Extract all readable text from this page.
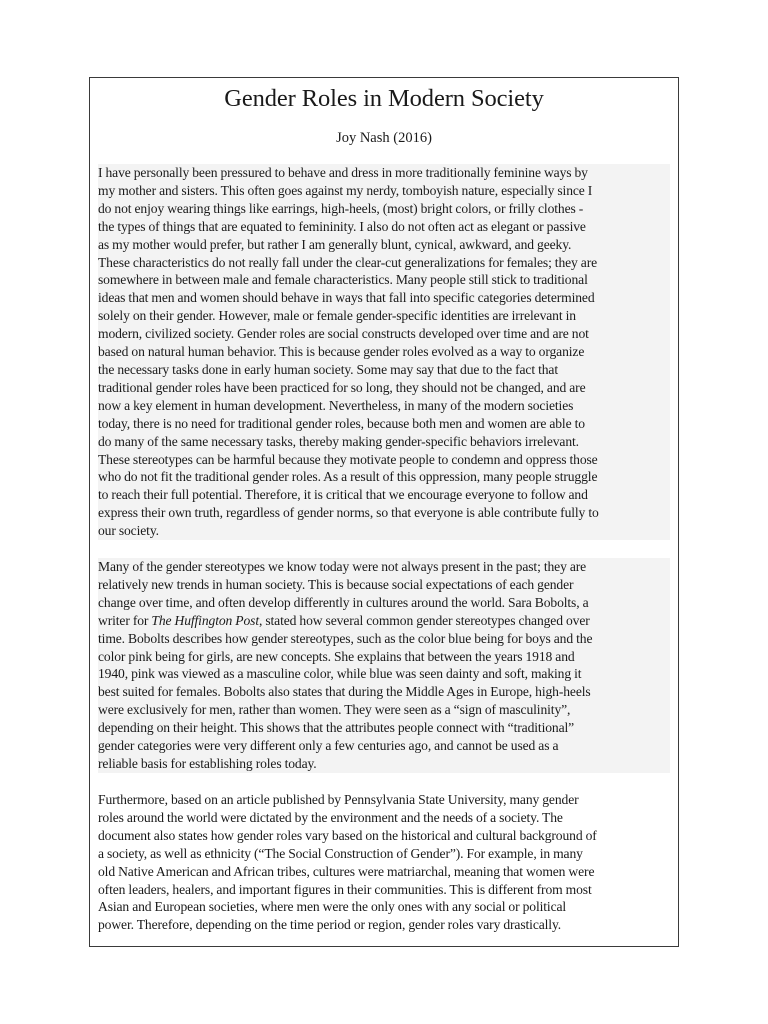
Gender Roles in Modern Society
Joy Nash (2016)

I have personally been pressured to behave and dress in more traditionally feminine ways by
my mother and sisters. This often goes against my nerdy, tomboyish nature, especially since I
do not enjoy wearing things like earrings, high-heels, (most) bright colors, or frilly clothes -
the types of things that are equated to femininity. I also do not often act as elegant or passive
as my mother would prefer, but rather I am generally blunt, cynical, awkward, and geeky.
These characteristics do not really fall under the clear-cut generalizations for females; they are
somewhere in between male and female characteristics. Many people still stick to traditional
ideas that men and women should behave in ways that fall into specific categories determined
solely on their gender. However, male or female gender-specific identities are irrelevant in
modern, civilized society. Gender roles are social constructs developed over time and are not
based on natural human behavior. This is because gender roles evolved as a way to organize
the necessary tasks done in early human society. Some may say that due to the fact that
traditional gender roles have been practiced for so long, they should not be changed, and are
now a key element in human development. Nevertheless, in many of the modern societies
today, there is no need for traditional gender roles, because both men and women are able to
do many of the same necessary tasks, thereby making gender-specific behaviors irrelevant.
These stereotypes can be harmful because they motivate people to condemn and oppress those
who do not fit the traditional gender roles. As a result of this oppression, many people struggle
to reach their full potential. Therefore, it is critical that we encourage everyone to follow and
express their own truth, regardless of gender norms, so that everyone is able contribute fully to
our society.

Many of the gender stereotypes we know today were not always present in the past; they are
relatively new trends in human society. This is because social expectations of each gender
change over time, and often develop differently in cultures around the world. Sara Bobolts, a
writer for The Huffington Post, stated how several common gender stereotypes changed over
time. Bobolts describes how gender stereotypes, such as the color blue being for boys and the
color pink being for girls, are new concepts. She explains that between the years 1918 and
1940, pink was viewed as a masculine color, while blue was seen dainty and soft, making it
best suited for females. Bobolts also states that during the Middle Ages in Europe, high-heels
were exclusively for men, rather than women. They were seen as a “sign of masculinity”,
depending on their height. This shows that the attributes people connect with “traditional”
gender categories were very different only a few centuries ago, and cannot be used as a
reliable basis for establishing roles today.

Furthermore, based on an article published by Pennsylvania State University, many gender
roles around the world were dictated by the environment and the needs of a society. The
document also states how gender roles vary based on the historical and cultural background of
a society, as well as ethnicity (“The Social Construction of Gender”). For example, in many
old Native American and African tribes, cultures were matriarchal, meaning that women were
often leaders, healers, and important figures in their communities. This is different from most
Asian and European societies, where men were the only ones with any social or political
power. Therefore, depending on the time period or region, gender roles vary drastically.
